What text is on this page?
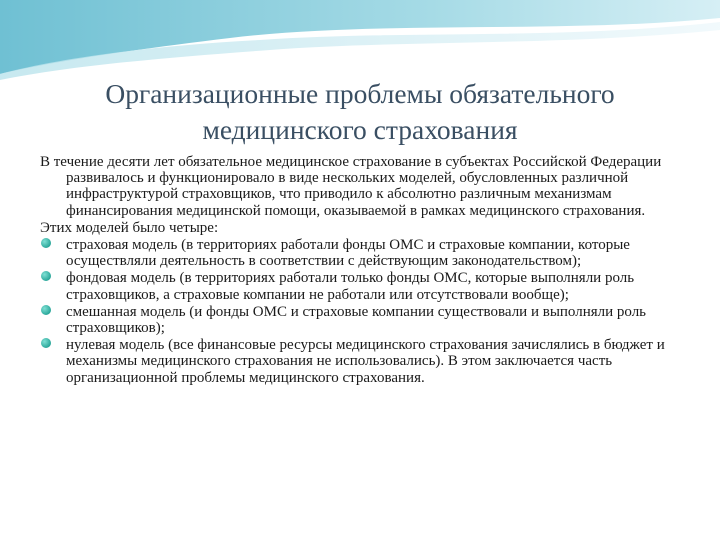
Организационные проблемы обязательного
медицинского страхования

В течение десяти лет обязательное медицинское страхование в субъектах Российской Федерации развивалось и функционировало в виде нескольких моделей, обусловленных различной инфраструктурой страховщиков, что приводило к абсолютно различным механизмам финансирования медицинской помощи, оказываемой в рамках медицинского страхования.

Этих моделей было четыре:

страховая модель (в территориях работали фонды ОМС и страховые компании, которые осуществляли деятельность в соответствии с действующим законодательством);
фондовая модель (в территориях работали только фонды ОМС, которые выполняли роль страховщиков, а страховые компании не работали или отсутствовали вообще);
смешанная модель (и фонды ОМС и страховые компании существовали и выполняли роль страховщиков);
нулевая модель (все финансовые ресурсы медицинского страхования зачислялись в бюджет и механизмы медицинского страхования не использовались). В этом заключается часть организационной проблемы медицинского страхования.
